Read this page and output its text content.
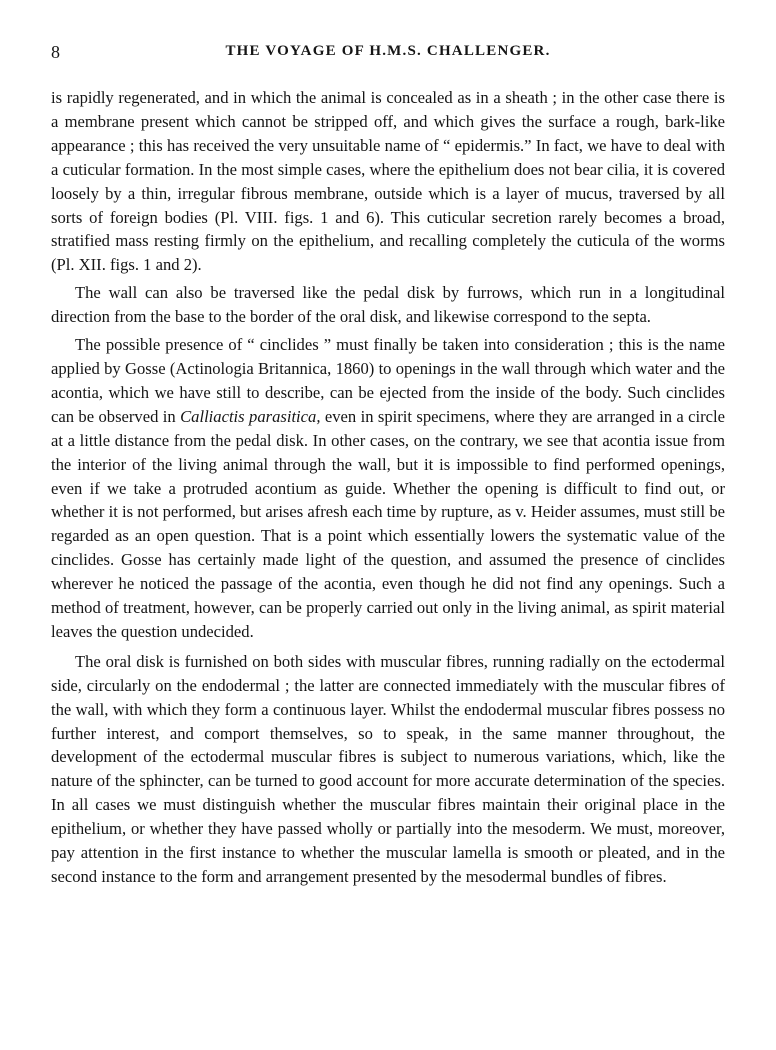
8	THE VOYAGE OF H.M.S. CHALLENGER.

is rapidly regenerated, and in which the animal is concealed as in a sheath ; in the other case there is a membrane present which cannot be stripped off, and which gives the surface a rough, bark-like appearance ; this has received the very unsuitable name of “ epidermis.” In fact, we have to deal with a cuticular formation. In the most simple cases, where the epithelium does not bear cilia, it is covered loosely by a thin, irregular fibrous membrane, outside which is a layer of mucus, traversed by all sorts of foreign bodies (Pl. VIII. figs. 1 and 6). This cuticular secretion rarely becomes a broad, stratified mass resting firmly on the epithelium, and recalling completely the cuticula of the worms (Pl. XII. figs. 1 and 2).

The wall can also be traversed like the pedal disk by furrows, which run in a longitudinal direction from the base to the border of the oral disk, and likewise correspond to the septa.

The possible presence of “ cinclides ” must finally be taken into consideration ; this is the name applied by Gosse (Actinologia Britannica, 1860) to openings in the wall through which water and the acontia, which we have still to describe, can be ejected from the inside of the body. Such cinclides can be observed in Calliactis parasitica, even in spirit specimens, where they are arranged in a circle at a little distance from the pedal disk. In other cases, on the contrary, we see that acontia issue from the interior of the living animal through the wall, but it is impossible to find performed openings, even if we take a protruded acontium as guide. Whether the opening is difficult to find out, or whether it is not performed, but arises afresh each time by rupture, as v. Heider assumes, must still be regarded as an open question. That is a point which essentially lowers the systematic value of the cinclides. Gosse has certainly made light of the question, and assumed the presence of cinclides wherever he noticed the passage of the acontia, even though he did not find any openings. Such a method of treatment, however, can be properly carried out only in the living animal, as spirit material leaves the question undecided.

The oral disk is furnished on both sides with muscular fibres, running radially on the ectodermal side, circularly on the endodermal ; the latter are connected immediately with the muscular fibres of the wall, with which they form a continuous layer. Whilst the endodermal muscular fibres possess no further interest, and comport themselves, so to speak, in the same manner throughout, the development of the ectodermal muscular fibres is subject to numerous variations, which, like the nature of the sphincter, can be turned to good account for more accurate determination of the species. In all cases we must distinguish whether the muscular fibres maintain their original place in the epithelium, or whether they have passed wholly or partially into the mesoderm. We must, moreover, pay attention in the first instance to whether the muscular lamella is smooth or pleated, and in the second instance to the form and arrangement presented by the mesodermal bundles of fibres.
